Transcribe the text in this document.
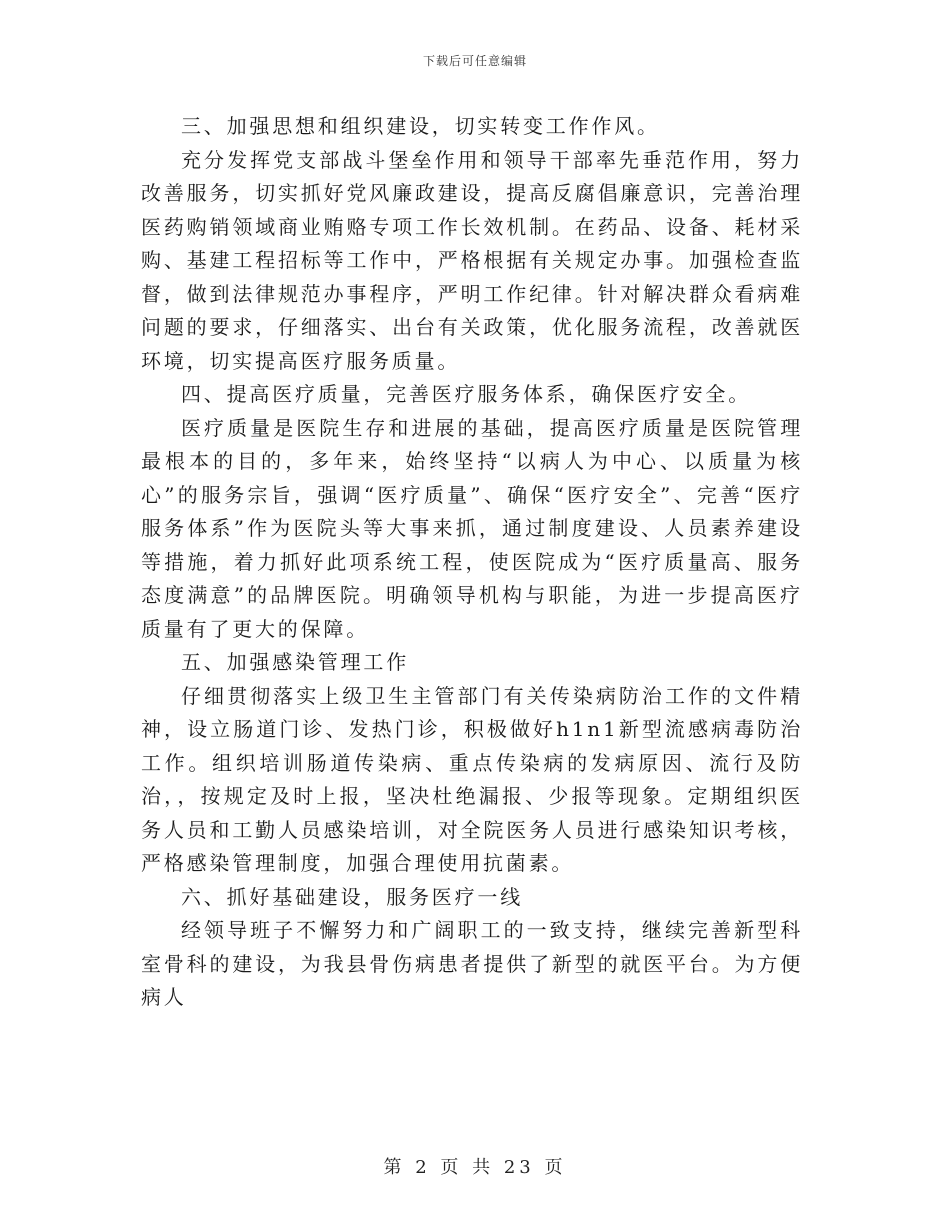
下载后可任意编辑

三、加强思想和组织建设，切实转变工作作风。

充分发挥党支部战斗堡垒作用和领导干部率先垂范作用，努力改善服务，切实抓好党风廉政建设，提高反腐倡廉意识，完善治理医药购销领域商业贿赂专项工作长效机制。在药品、设备、耗材采购、基建工程招标等工作中，严格根据有关规定办事。加强检查监督，做到法律规范办事程序，严明工作纪律。针对解决群众看病难问题的要求，仔细落实、出台有关政策，优化服务流程，改善就医环境，切实提高医疗服务质量。

四、提高医疗质量，完善医疗服务体系，确保医疗安全。

医疗质量是医院生存和进展的基础，提高医疗质量是医院管理最根本的目的，多年来，始终坚持“以病人为中心、以质量为核心”的服务宗旨，强调“医疗质量”、确保“医疗安全”、完善“医疗服务体系”作为医院头等大事来抓，通过制度建设、人员素养建设等措施，着力抓好此项系统工程，使医院成为“医疗质量高、服务态度满意”的品牌医院。明确领导机构与职能，为进一步提高医疗质量有了更大的保障。

五、加强感染管理工作

仔细贯彻落实上级卫生主管部门有关传染病防治工作的文件精神，设立肠道门诊、发热门诊，积极做好h1n1新型流感病毒防治工作。组织培训肠道传染病、重点传染病的发病原因、流行及防治，，按规定及时上报，坚决杜绝漏报、少报等现象。定期组织医务人员和工勤人员感染培训，对全院医务人员进行感染知识考核，严格感染管理制度，加强合理使用抗菌素。

六、抓好基础建设，服务医疗一线

经领导班子不懈努力和广阔职工的一致支持，继续完善新型科室骨科的建设，为我县骨伤病患者提供了新型的就医平台。为方便病人

第 2 页 共 23 页
